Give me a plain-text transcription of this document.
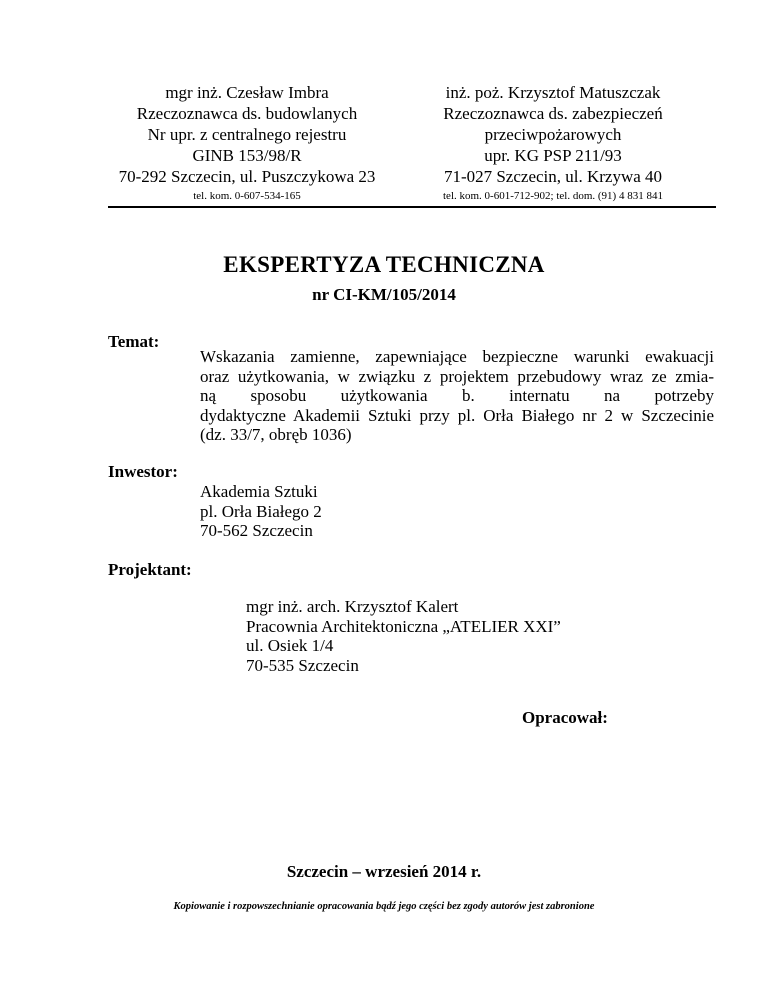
mgr inż. Czesław Imbra
Rzeczoznawca ds. budowlanych
Nr upr. z centralnego rejestru
GINB 153/98/R
70-292 Szczecin, ul. Puszczykowa 23
tel. kom. 0-607-534-165
inż. poż. Krzysztof Matuszczak
Rzeczoznawca ds. zabezpieczeń
przeciwpożarowych
upr. KG PSP 211/93
71-027 Szczecin, ul. Krzywa 40
tel. kom. 0-601-712-902; tel. dom. (91) 4 831 841
EKSPERTYZA TECHNICZNA
nr CI-KM/105/2014
Temat:
Wskazania zamienne, zapewniające bezpieczne warunki ewakuacji
oraz użytkowania, w związku z projektem przebudowy wraz ze zmia-
ną sposobu użytkowania b. internatu na potrzeby
dydaktyczne Akademii Sztuki przy pl. Orła Białego nr 2 w Szczecinie
(dz. 33/7, obręb 1036)
Inwestor:
Akademia Sztuki
pl. Orła Białego 2
70-562 Szczecin
Projektant:
mgr inż. arch. Krzysztof Kalert
Pracownia Architektoniczna „ATELIER XXI”
ul. Osiek 1/4
70-535 Szczecin
Opracował:
Szczecin – wrzesień 2014 r.
Kopiowanie i rozpowszechnianie opracowania bądź jego części bez zgody autorów jest zabronione
